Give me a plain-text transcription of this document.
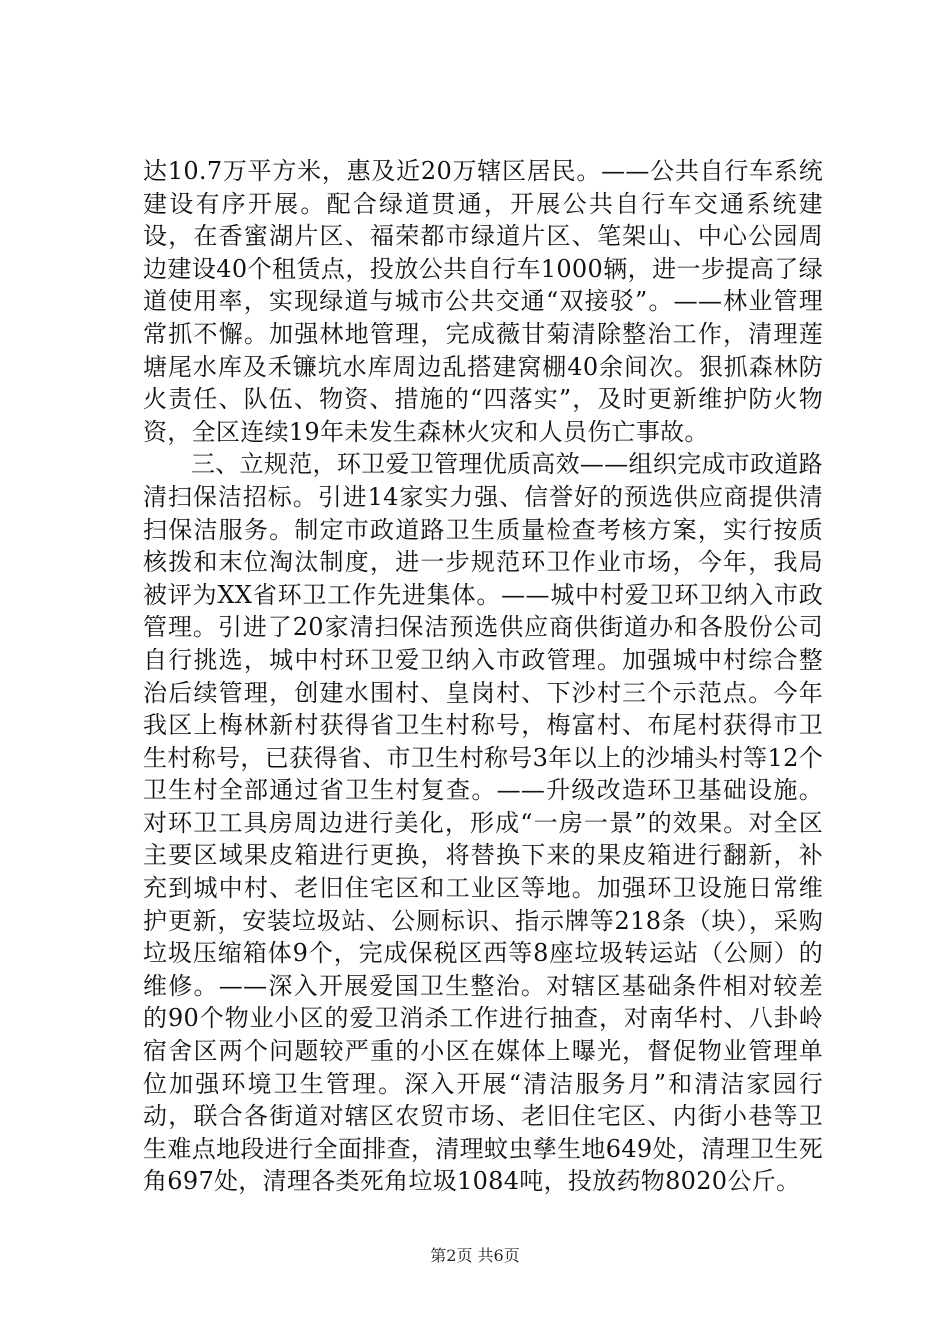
达10.7万平方米，惠及近20万辖区居民。——公共自行车系统建设有序开展。配合绿道贯通，开展公共自行车交通系统建设，在香蜜湖片区、福荣都市绿道片区、笔架山、中心公园周边建设40个租赁点，投放公共自行车1000辆，进一步提高了绿道使用率，实现绿道与城市公共交通“双接驳”。——林业管理常抓不懈。加强林地管理，完成薇甘菊清除整治工作，清理莲塘尾水库及禾镰坑水库周边乱搭建窝棚40余间次。狠抓森林防火责任、队伍、物资、措施的“四落实”，及时更新维护防火物资，全区连续19年未发生森林火灾和人员伤亡事故。

三、立规范，环卫爱卫管理优质高效——组织完成市政道路清扫保洁招标。引进14家实力强、信誉好的预选供应商提供清扫保洁服务。制定市政道路卫生质量检查考核方案，实行按质核拨和末位淘汰制度，进一步规范环卫作业市场，今年，我局被评为XX省环卫工作先进集体。——城中村爱卫环卫纳入市政管理。引进了20家清扫保洁预选供应商供街道办和各股份公司自行挑选，城中村环卫爱卫纳入市政管理。加强城中村综合整治后续管理，创建水围村、皇岗村、下沙村三个示范点。今年我区上梅林新村获得省卫生村称号，梅富村、布尾村获得市卫生村称号，已获得省、市卫生村称号3年以上的沙埔头村等12个卫生村全部通过省卫生村复查。——升级改造环卫基础设施。对环卫工具房周边进行美化，形成“一房一景”的效果。对全区主要区域果皮箱进行更换，将替换下来的果皮箱进行翻新，补充到城中村、老旧住宅区和工业区等地。加强环卫设施日常维护更新，安装垃圾站、公厕标识、指示牌等218条（块），采购垃圾压缩箱体9个，完成保税区西等8座垃圾转运站（公厕）的维修。——深入开展爱国卫生整治。对辖区基础条件相对较差的90个物业小区的爱卫消杀工作进行抽查，对南华村、八卦岭宿舍区两个问题较严重的小区在媒体上曝光，督促物业管理单位加强环境卫生管理。深入开展“清洁服务月”和清洁家园行动，联合各街道对辖区农贸市场、老旧住宅区、内街小巷等卫生难点地段进行全面排查，清理蚊虫孳生地649处，清理卫生死角697处，清理各类死角垃圾1084吨，投放药物8020公斤。

第2页 共6页
